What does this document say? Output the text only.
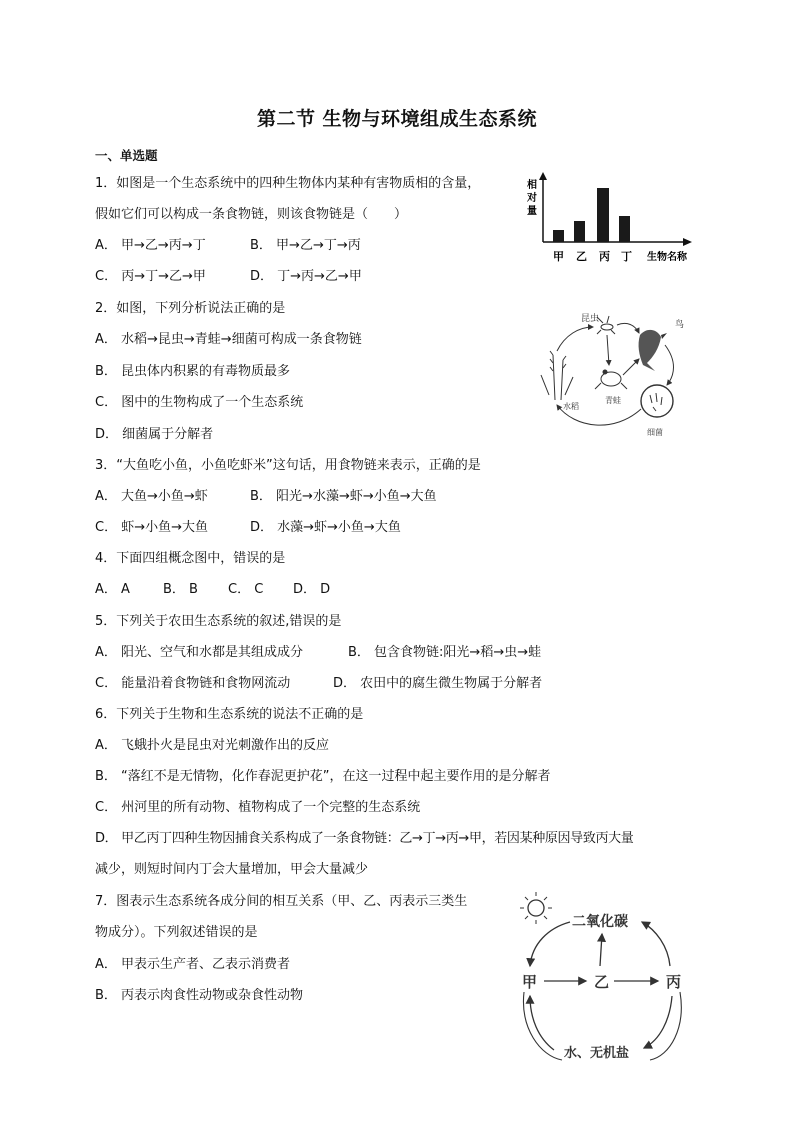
第二节 生物与环境组成生态系统
一、单选题
1．如图是一个生态系统中的四种生物体内某种有害物质相的含量，
假如它们可以构成一条食物链，则该食物链是（　　）
A． 甲→乙→丙→丁	B． 甲→乙→丁→丙
C． 丙→丁→乙→甲	D． 丁→丙→乙→甲
相
对
量
甲 乙 丙 丁 生物名称
2．如图，下列分析说法正确的是
A． 水稻→昆虫→青蛙→细菌可构成一条食物链
B． 昆虫体内积累的有毒物质最多
C． 图中的生物构成了一个生态系统
D． 细菌属于分解者
昆虫
鸟
青蛙
水稻
细菌
3．“大鱼吃小鱼，小鱼吃虾米”这句话，用食物链来表示，正确的是
A． 大鱼→小鱼→虾	B． 阳光→水藻→虾→小鱼→大鱼
C． 虾→小鱼→大鱼	D． 水藻→虾→小鱼→大鱼
4．下面四组概念图中，错误的是
A． A	B． B C． C D． D
5．下列关于农田生态系统的叙述,错误的是
A． 阳光、空气和水都是其组成成分	B． 包含食物链:阳光→稻→虫→蛙
C． 能量沿着食物链和食物网流动	D． 农田中的腐生微生物属于分解者
6．下列关于生物和生态系统的说法不正确的是
A． 飞蛾扑火是昆虫对光刺激作出的反应
B． “落红不是无情物，化作春泥更护花”，在这一过程中起主要作用的是分解者
C． 州河里的所有动物、植物构成了一个完整的生态系统
D． 甲乙丙丁四种生物因捕食关系构成了一条食物链：乙→丁→丙→甲，若因某种原因导致丙大量
减少，则短时间内丁会大量增加，甲会大量减少
7．图表示生态系统各成分间的相互关系（甲、乙、丙表示三类生
物成分）。下列叙述错误的是
A． 甲表示生产者、乙表示消费者
B． 丙表示肉食性动物或杂食性动物
二氧化碳
甲	乙	丙
水、无机盐
